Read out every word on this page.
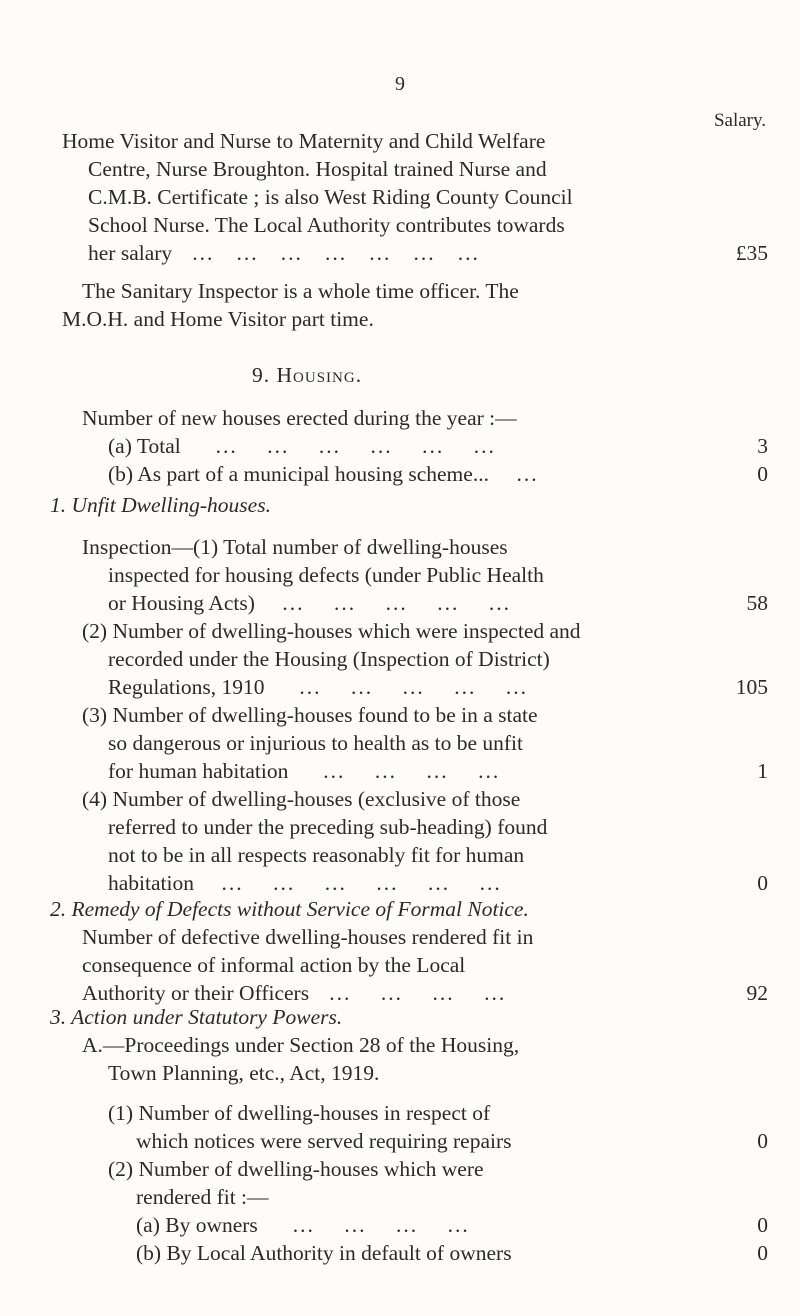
9
Salary.
Home Visitor and Nurse to Maternity and Child Welfare
Centre, Nurse Broughton. Hospital trained Nurse and
C.M.B. Certificate ; is also West Riding County Council
School Nurse. The Local Authority contributes towards
her salary   ...   ...   ...   ...   ...   ...   ...	£35
The Sanitary Inspector is a whole time officer. The
M.O.H. and Home Visitor part time.
9. Housing.
Number of new houses erected during the year :—
(a) Total     ...    ...    ...    ...    ...    ...	3
(b) As part of a municipal housing scheme...    ...	0
1. Unfit Dwelling-houses.
Inspection—(1) Total number of dwelling-houses
inspected for housing defects (under Public Health
or Housing Acts)    ...    ...    ...    ...    ...	58
(2) Number of dwelling-houses which were inspected and
recorded under the Housing (Inspection of District)
Regulations, 1910     ...    ...    ...    ...    ...	105
(3) Number of dwelling-houses found to be in a state
so dangerous or injurious to health as to be unfit
for human habitation     ...    ...    ...    ...	1
(4) Number of dwelling-houses (exclusive of those
referred to under the preceding sub-heading) found
not to be in all respects reasonably fit for human
habitation    ...    ...    ...    ...    ...    ...	0
2. Remedy of Defects without Service of Formal Notice.
Number of defective dwelling-houses rendered fit in
consequence of informal action by the Local
Authority or their Officers   ...    ...    ...    ...	92
3. Action under Statutory Powers.
A.—Proceedings under Section 28 of the Housing,
Town Planning, etc., Act, 1919.
(1) Number of dwelling-houses in respect of
which notices were served requiring repairs	0
(2) Number of dwelling-houses which were
rendered fit :—
(a) By owners     ...    ...    ...    ...	0
(b) By Local Authority in default of owners	0
